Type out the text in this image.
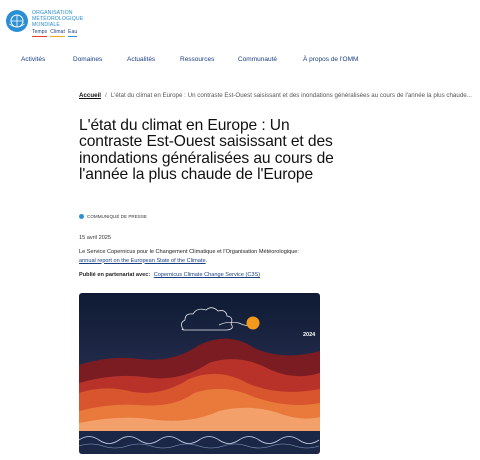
ORGANISATION
MÉTÉOROLOGIQUE
MONDIALE
Temps Climat Eau
Activités	Domaines	Actualités	Ressources	Communauté	À propos de l'OMM
Accueil / L'état du climat en Europe : Un contraste Est-Ouest saisissant et des inondations généralisées au cours de l'année la plus chaude...
L'état du climat en Europe : Un contraste Est-Ouest saisissant et des inondations généralisées au cours de l'année la plus chaude de l'Europe
COMMUNIQUÉ DE PRESSE
15 avril 2025

Le Service Copernicus pour le Changement Climatique et l'Organisation Météorologique: annual report on the European State of the Climate.

Publié en partenariat avec: Copernicus Climate Change Service (C3S)
2024
